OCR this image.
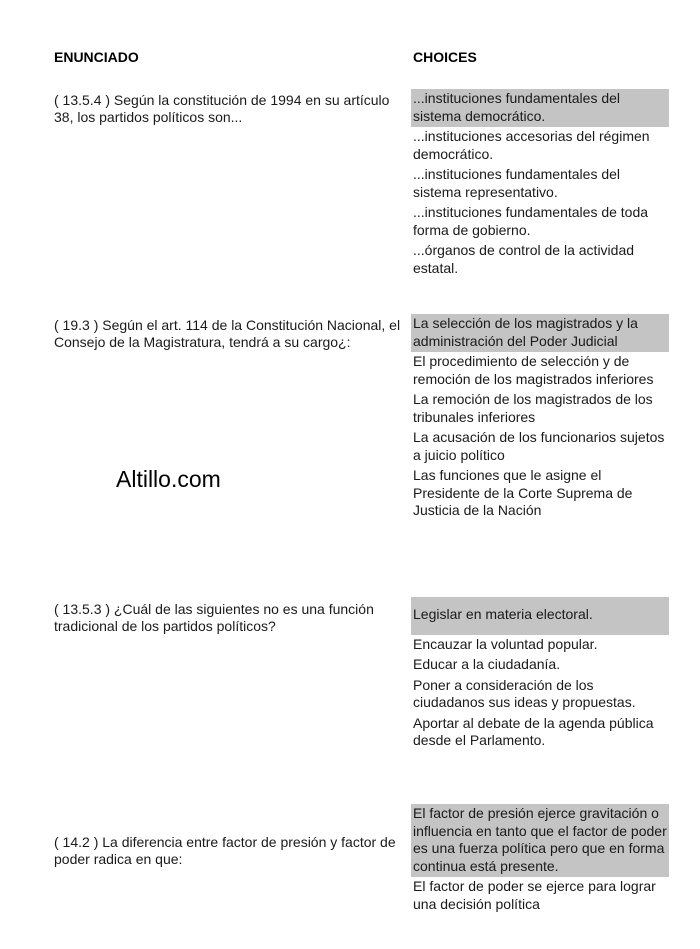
ENUNCIADO	CHOICES
( 13.5.4 ) Según la constitución de 1994 en su artículo 38, los partidos políticos son...
...instituciones fundamentales del sistema democrático.
...instituciones accesorias del régimen democrático.
...instituciones fundamentales del sistema representativo.
...instituciones fundamentales de toda forma de gobierno.
...órganos de control de la actividad estatal.
( 19.3 ) Según el art. 114 de la Constitución Nacional, el Consejo de la Magistratura, tendrá a su cargo¿:
La selección de los magistrados y la administración del Poder Judicial
El procedimiento de selección y de remoción de los magistrados inferiores
La remoción de los magistrados de los tribunales inferiores
La acusación de los funcionarios sujetos a juicio político
Las funciones que le asigne el Presidente de la Corte Suprema de Justicia de la Nación
Altillo.com
( 13.5.3 ) ¿Cuál de las siguientes no es una función tradicional de los partidos políticos?
Legislar en materia electoral.
Encauzar la voluntad popular.
Educar a la ciudadanía.
Poner a consideración de los ciudadanos sus ideas y propuestas.
Aportar al debate de la agenda pública desde el Parlamento.
( 14.2 ) La diferencia entre factor de presión y factor de poder radica en que:
El factor de presión ejerce gravitación o influencia en tanto que el factor de poder es una fuerza política pero que en forma continua está presente.
El factor de poder se ejerce para lograr una decisión política
